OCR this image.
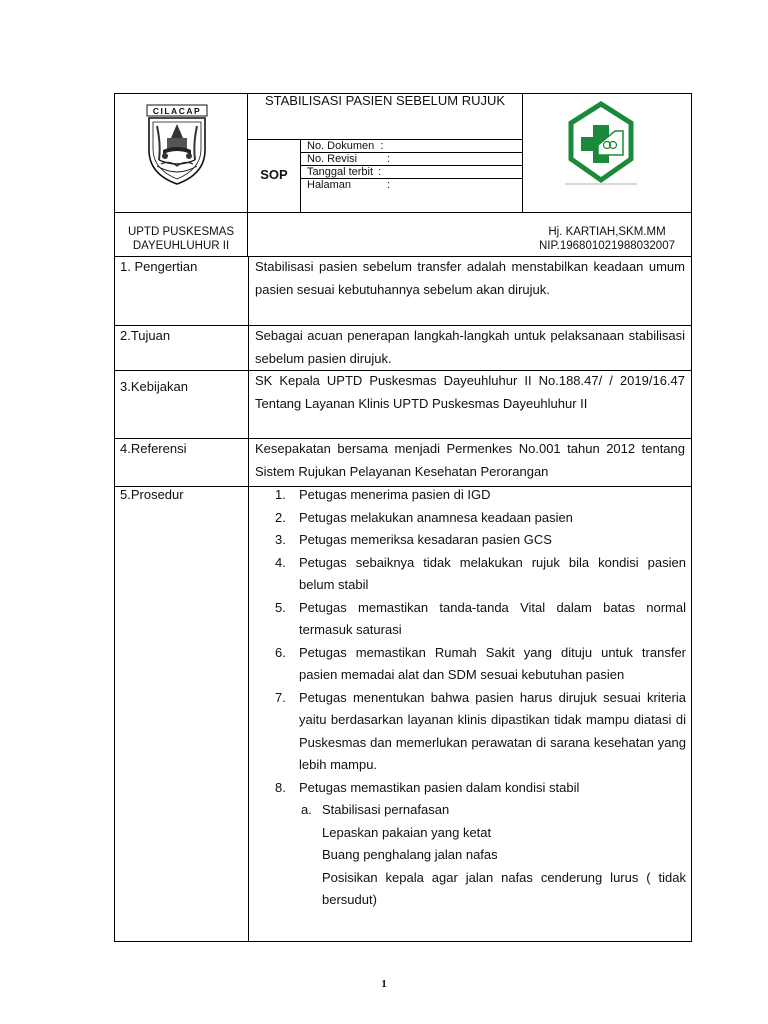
CILACAP
STABILISASI PASIEN SEBELUM RUJUK
SOP
No. Dokumen :
No. Revisi	:
Tanggal terbit :
Halaman	:
UPTD PUSKESMAS
DAYEUHLUHUR II
Hj. KARTIAH,SKM.MM
NIP.196801021988032007
1. Pengertian	Stabilisasi pasien sebelum transfer adalah menstabilkan keadaan umum pasien sesuai kebutuhannya sebelum akan dirujuk.
2.Tujuan	Sebagai acuan penerapan langkah-langkah untuk pelaksanaan stabilisasi sebelum pasien dirujuk.
3.Kebijakan	SK Kepala UPTD Puskesmas Dayeuhluhur II No.188.47/ / 2019/16.47 Tentang Layanan Klinis UPTD Puskesmas Dayeuhluhur II
4.Referensi	Kesepakatan bersama menjadi Permenkes No.001 tahun 2012 tentang Sistem Rujukan Pelayanan Kesehatan Perorangan
5.Prosedur	1. Petugas menerima pasien di IGD
2. Petugas melakukan anamnesa keadaan pasien
3. Petugas memeriksa kesadaran pasien GCS
4. Petugas sebaiknya tidak melakukan rujuk bila kondisi pasien belum stabil
5. Petugas memastikan tanda-tanda Vital dalam batas normal termasuk saturasi
6. Petugas memastikan Rumah Sakit yang dituju untuk transfer pasien memadai alat dan SDM sesuai kebutuhan pasien
7. Petugas menentukan bahwa pasien harus dirujuk sesuai kriteria yaitu berdasarkan layanan klinis dipastikan tidak mampu diatasi di Puskesmas dan memerlukan perawatan di sarana kesehatan yang lebih mampu.
8. Petugas memastikan pasien dalam kondisi stabil
a. Stabilisasi pernafasan
Lepaskan pakaian yang ketat
Buang penghalang jalan nafas
Posisikan kepala agar jalan nafas cenderung lurus ( tidak bersudut)
1
